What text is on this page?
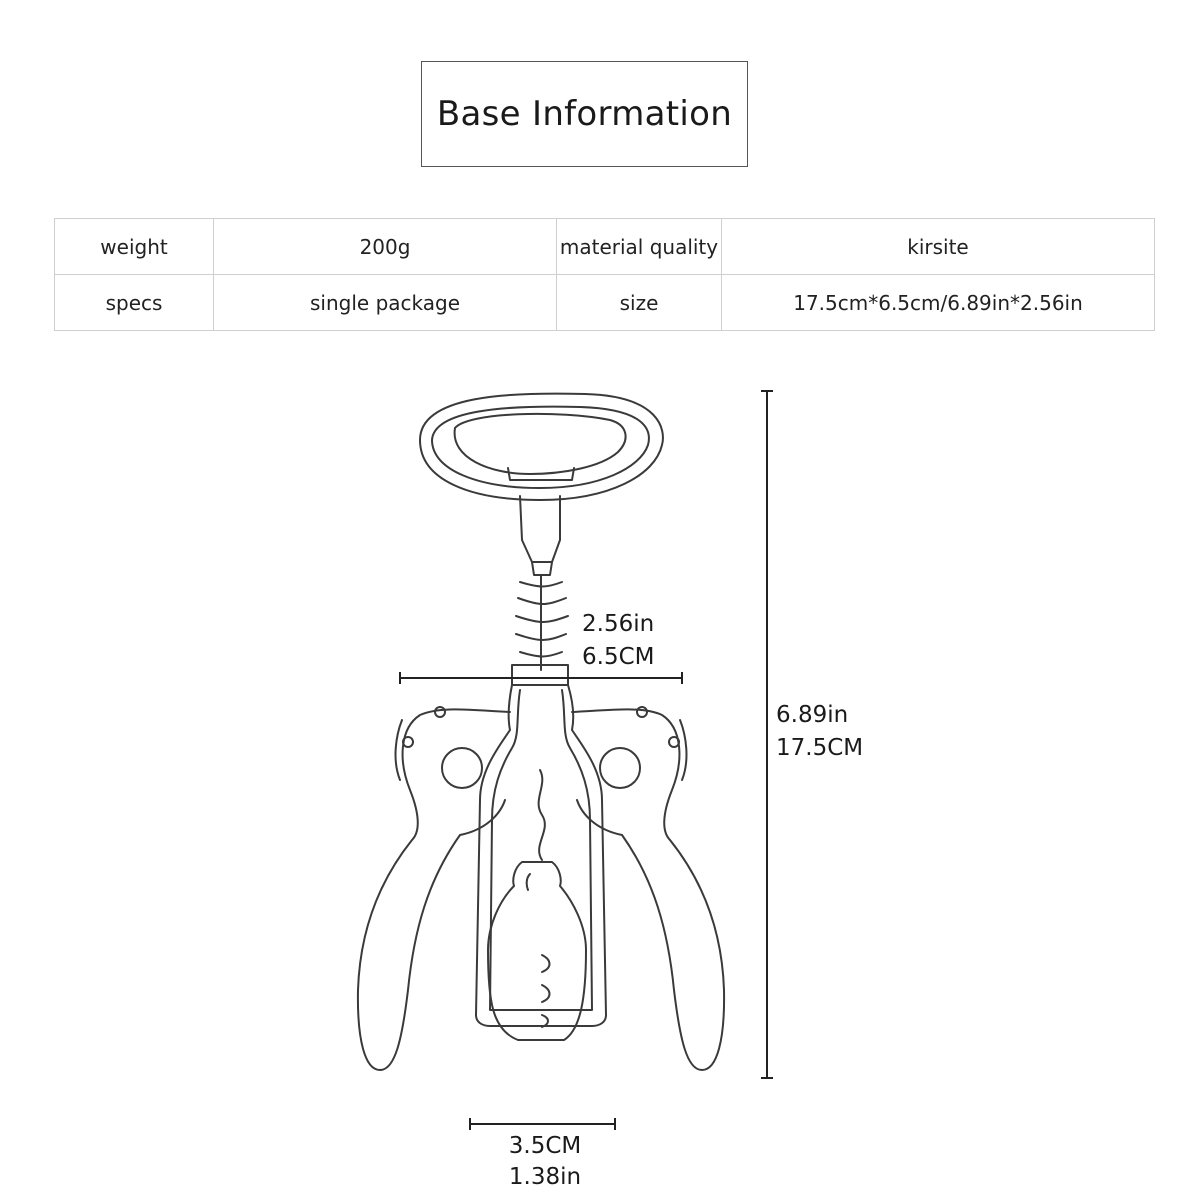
Base Information
weight	200g	material quality	kirsite
specs	single package	size	17.5cm*6.5cm/6.89in*2.56in
2.56in
6.5CM
6.89in
17.5CM
3.5CM
1.38in
